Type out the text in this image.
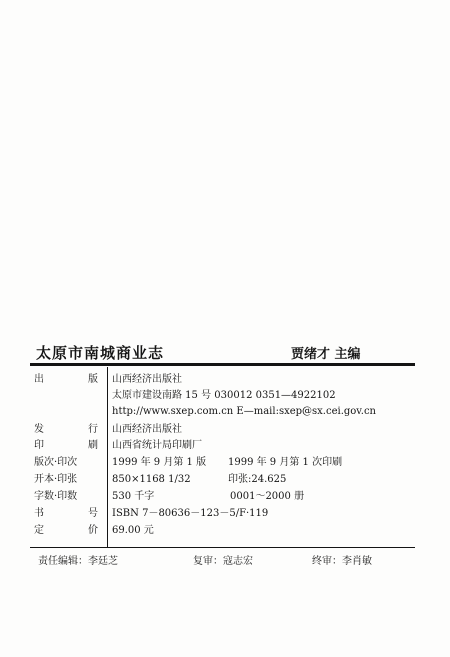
太原市南城商业志	贾绪才 主编
出	版 山西经济出版社
太原市建设南路 15 号 030012 0351—4922102
http://www.sxep.com.cn E—mail:sxep@sx.cei.gov.cn
发	行 山西经济出版社
印	刷 山西省统计局印刷厂
版次·印次	1999 年 9 月第 1 版 1999 年 9 月第 1 次印刷
开本·印张	850×1168 1/32	印张:24.625
字数·印数	530 千字	0001～2000 册
书	号 ISBN 7－80636－123－5/F·119
定	价 69.00 元
责任编辑：李廷芝	复审：寇志宏	终审：李肖敏
